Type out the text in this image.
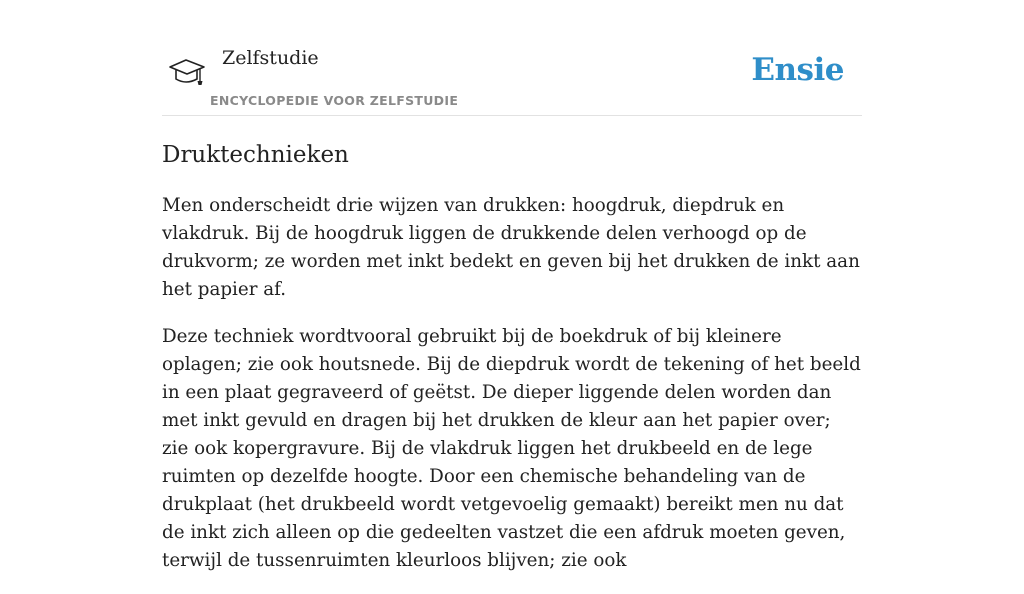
Zelfstudie
ENCYCLOPEDIE VOOR ZELFSTUDIE
Ensie
Druktechnieken

Men onderscheidt drie wijzen van drukken: hoogdruk, diepdruk en vlakdruk. Bij de hoogdruk liggen de drukkende delen verhoogd op de drukvorm; ze worden met inkt bedekt en geven bij het drukken de inkt aan het papier af.

Deze techniek wordtvooral gebruikt bij de boekdruk of bij kleinere oplagen; zie ook houtsnede. Bij de diepdruk wordt de tekening of het beeld in een plaat gegraveerd of geëtst. De dieper liggende delen worden dan met inkt gevuld en dragen bij het drukken de kleur aan het papier over; zie ook kopergravure. Bij de vlakdruk liggen het drukbeeld en de lege ruimten op dezelfde hoogte. Door een chemische behandeling van de drukplaat (het drukbeeld wordt vetgevoelig gemaakt) bereikt men nu dat de inkt zich alleen op die gedeelten vastzet die een afdruk moeten geven, terwijl de tussenruimten kleurloos blijven; zie ook
